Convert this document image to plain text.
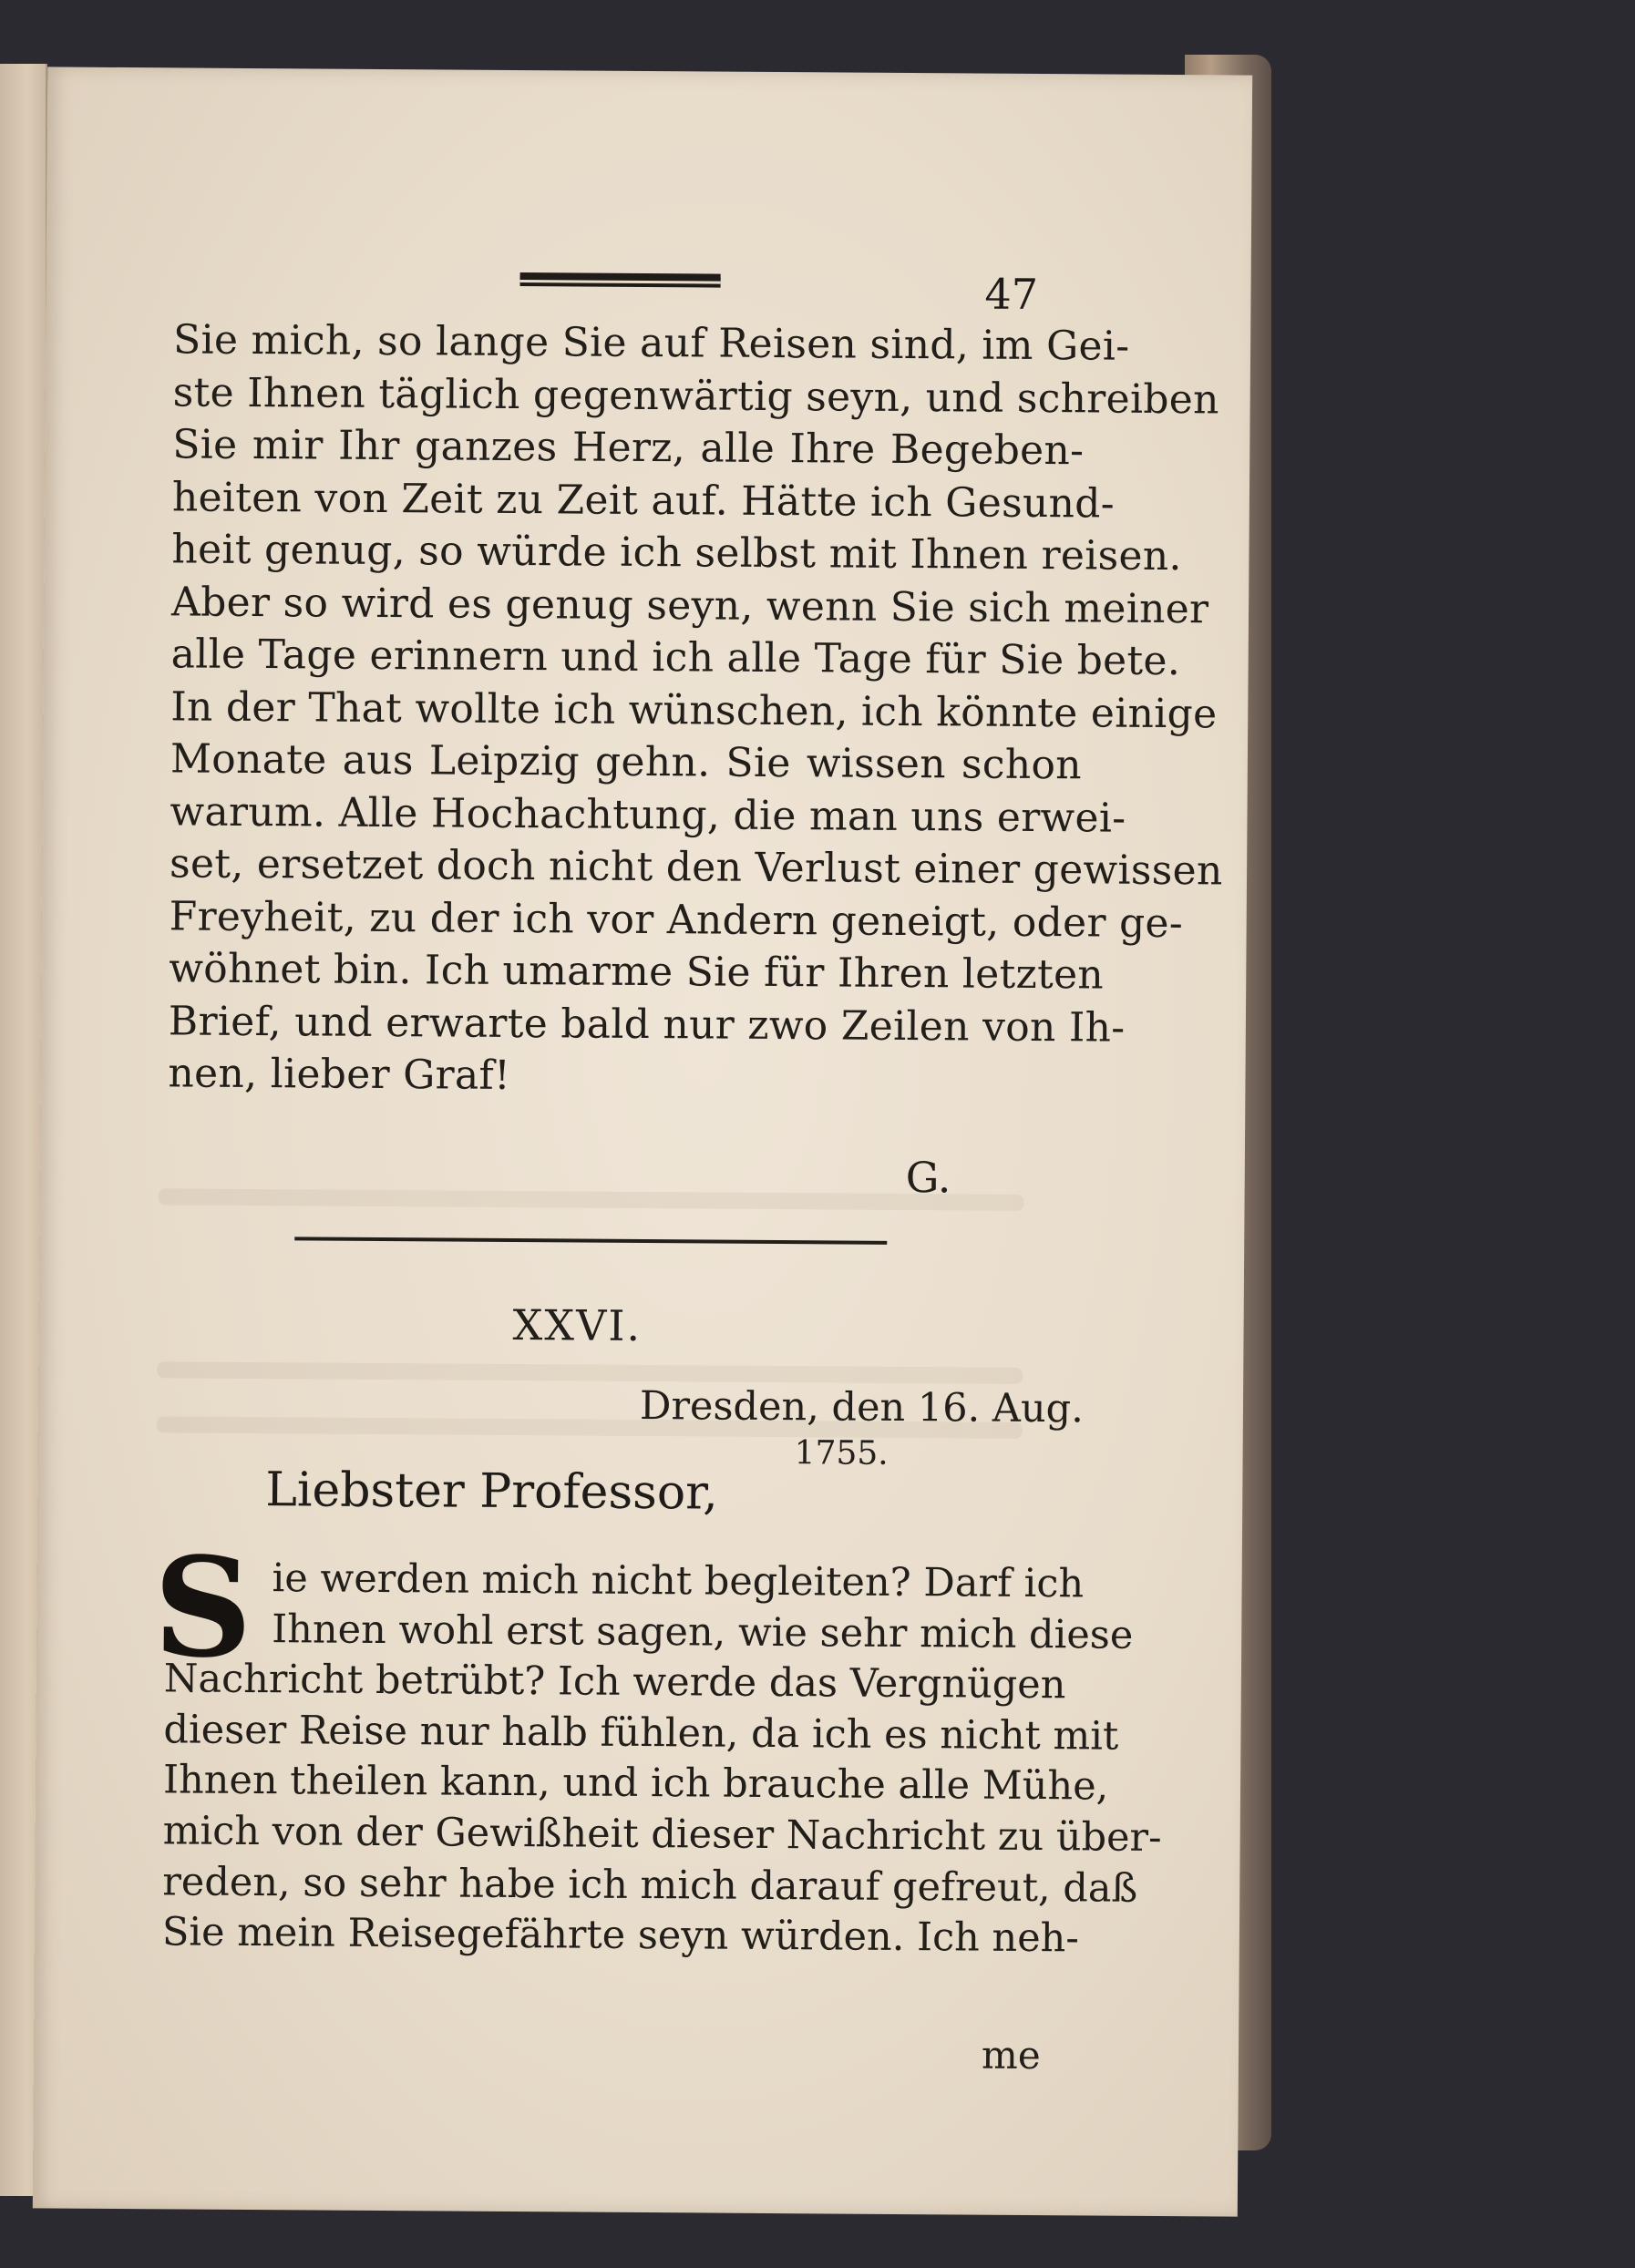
47
Sie mich, so lange Sie auf Reisen sind, im Gei-
ste Ihnen täglich gegenwärtig seyn, und schreiben
Sie mir Ihr ganzes Herz, alle Ihre Begeben-
heiten von Zeit zu Zeit auf. Hätte ich Gesund-
heit genug, so würde ich selbst mit Ihnen reisen.
Aber so wird es genug seyn, wenn Sie sich meiner
alle Tage erinnern und ich alle Tage für Sie bete.
In der That wollte ich wünschen, ich könnte einige
Monate aus Leipzig gehn. Sie wissen schon
warum. Alle Hochachtung, die man uns erwei-
set, ersetzet doch nicht den Verlust einer gewissen
Freyheit, zu der ich vor Andern geneigt, oder ge-
wöhnet bin. Ich umarme Sie für Ihren letzten
Brief, und erwarte bald nur zwo Zeilen von Ih-
nen, lieber Graf!
G.
XXVI.
Dresden, den 16. Aug.
1755.
Liebster Professor,
S ie werden mich nicht begleiten? Darf ich
Ihnen wohl erst sagen, wie sehr mich diese
Nachricht betrübt? Ich werde das Vergnügen
dieser Reise nur halb fühlen, da ich es nicht mit
Ihnen theilen kann, und ich brauche alle Mühe,
mich von der Gewißheit dieser Nachricht zu über-
reden, so sehr habe ich mich darauf gefreut, daß
Sie mein Reisegefährte seyn würden. Ich neh-
me
